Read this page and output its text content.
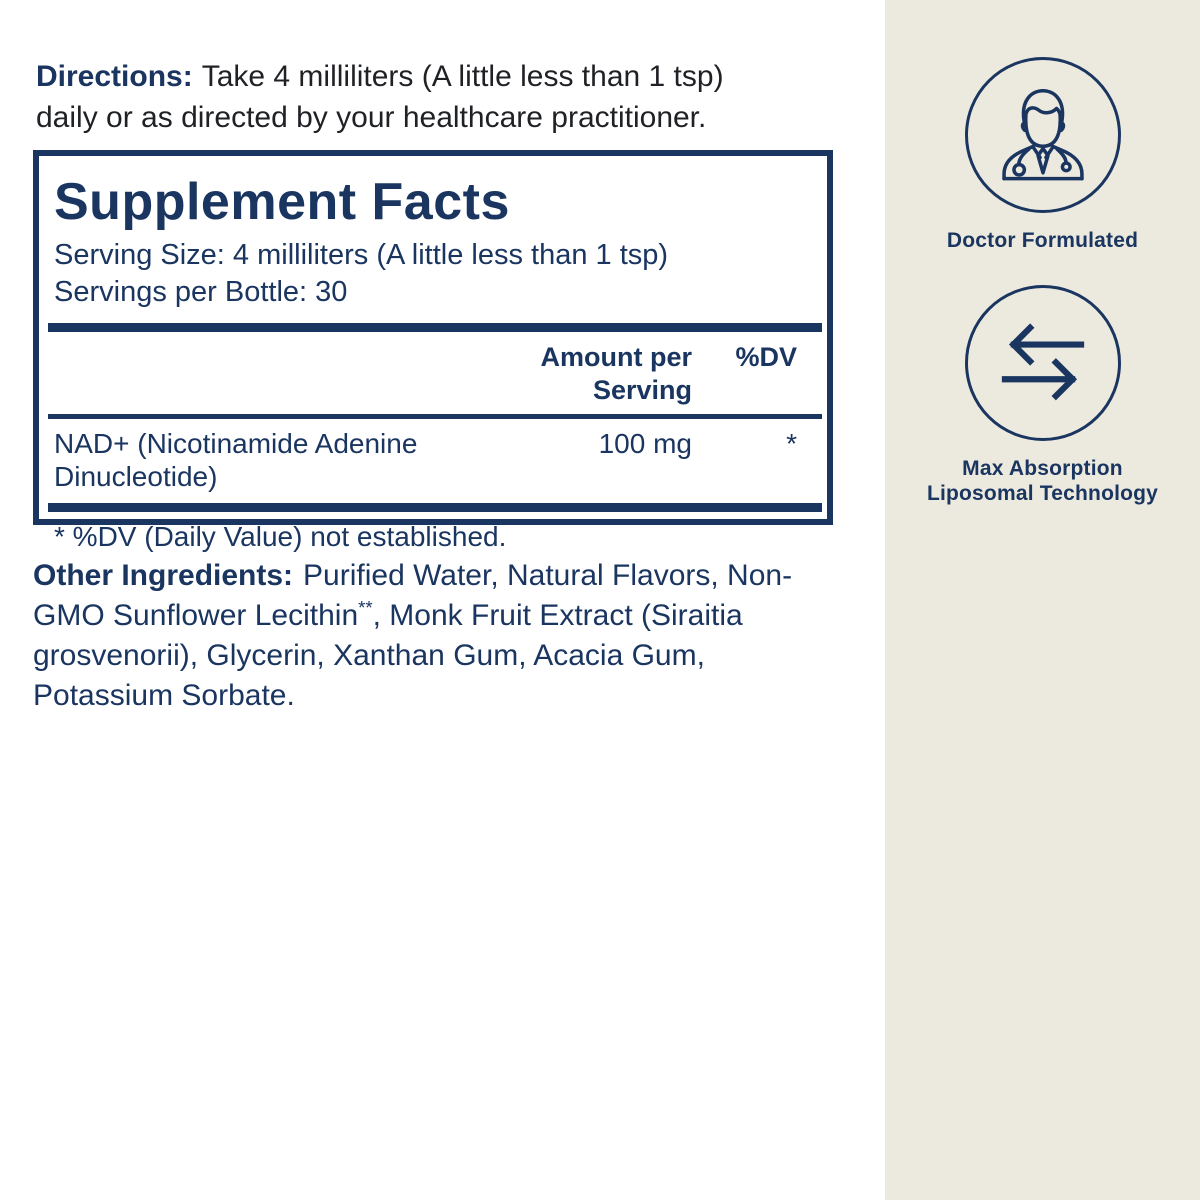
Directions: Take 4 milliliters (A little less than 1 tsp) daily or as directed by your healthcare practitioner.
Supplement Facts
Serving Size: 4 milliliters (A little less than 1 tsp)
Servings per Bottle: 30
Amount per Serving
%DV
NAD+ (Nicotinamide Adenine Dinucleotide)
100 mg	*
* %DV (Daily Value) not established.
Other Ingredients: Purified Water, Natural Flavors, Non-GMO Sunflower Lecithin**, Monk Fruit Extract (Siraitia grosvenorii), Glycerin, Xanthan Gum, Acacia Gum, Potassium Sorbate.
Doctor Formulated
Max Absorption
Liposomal Technology
